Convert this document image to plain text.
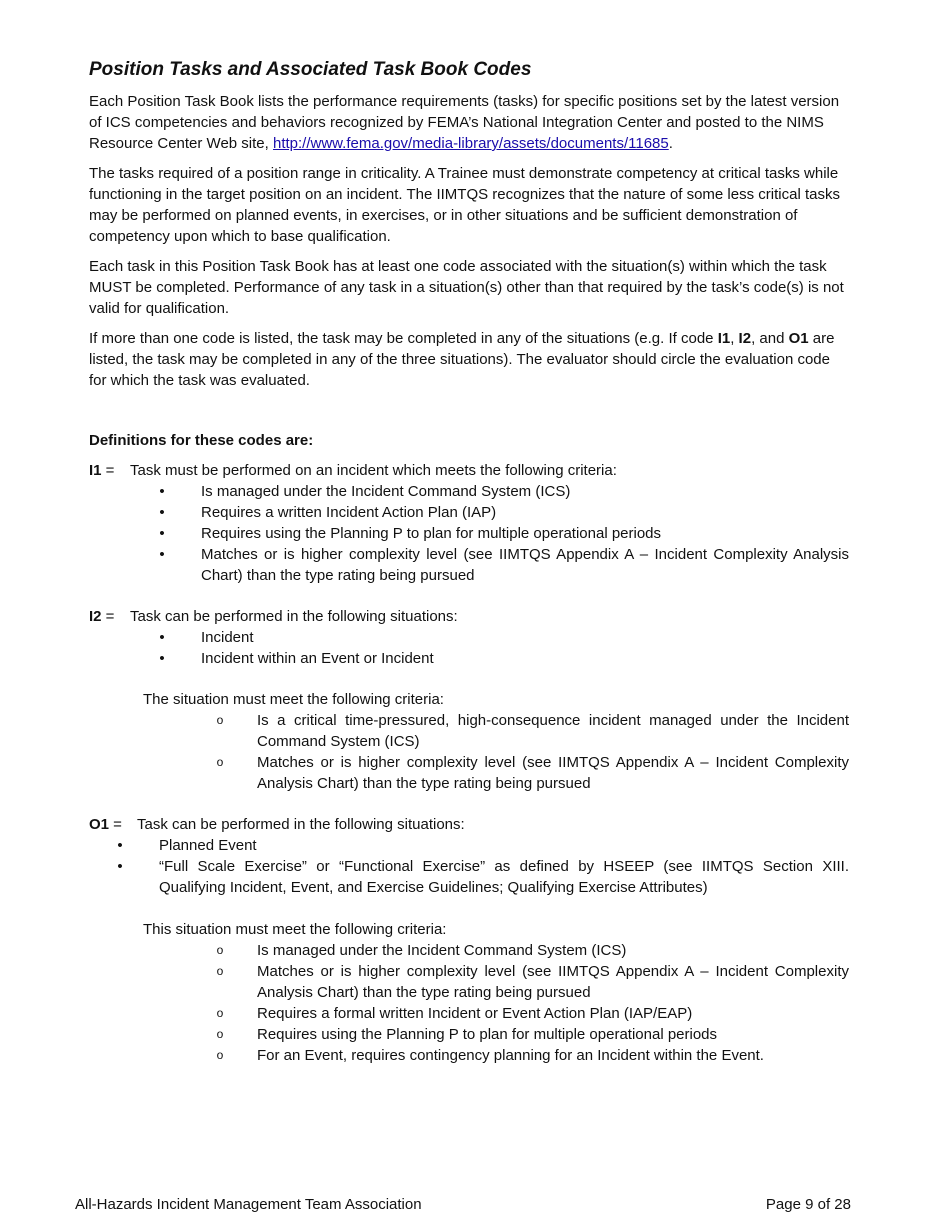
Position Tasks and Associated Task Book Codes
Each Position Task Book lists the performance requirements (tasks) for specific positions set by the latest version of ICS competencies and behaviors recognized by FEMA’s National Integration Center and posted to the NIMS Resource Center Web site, http://www.fema.gov/media-library/assets/documents/11685.
The tasks required of a position range in criticality. A Trainee must demonstrate competency at critical tasks while functioning in the target position on an incident. The IIMTQS recognizes that the nature of some less critical tasks may be performed on planned events, in exercises, or in other situations and be sufficient demonstration of competency upon which to base qualification.
Each task in this Position Task Book has at least one code associated with the situation(s) within which the task MUST be completed. Performance of any task in a situation(s) other than that required by the task’s code(s) is not valid for qualification.
If more than one code is listed, the task may be completed in any of the situations (e.g. If code I1, I2, and O1 are listed, the task may be completed in any of the three situations). The evaluator should circle the evaluation code for which the task was evaluated.
Definitions for these codes are:
I1 = Task must be performed on an incident which meets the following criteria:
• Is managed under the Incident Command System (ICS)
• Requires a written Incident Action Plan (IAP)
• Requires using the Planning P to plan for multiple operational periods
• Matches or is higher complexity level (see IIMTQS Appendix A – Incident Complexity Analysis Chart) than the type rating being pursued
I2 = Task can be performed in the following situations:
• Incident
• Incident within an Event or Incident
The situation must meet the following criteria:
o Is a critical time-pressured, high-consequence incident managed under the Incident Command System (ICS)
o Matches or is higher complexity level (see IIMTQS Appendix A – Incident Complexity Analysis Chart) than the type rating being pursued
O1 = Task can be performed in the following situations:
• Planned Event
• “Full Scale Exercise” or “Functional Exercise” as defined by HSEEP (see IIMTQS Section XIII. Qualifying Incident, Event, and Exercise Guidelines; Qualifying Exercise Attributes)
This situation must meet the following criteria:
o Is managed under the Incident Command System (ICS)
o Matches or is higher complexity level (see IIMTQS Appendix A – Incident Complexity Analysis Chart) than the type rating being pursued
o Requires a formal written Incident or Event Action Plan (IAP/EAP)
o Requires using the Planning P to plan for multiple operational periods
o For an Event, requires contingency planning for an Incident within the Event.
All-Hazards Incident Management Team Association	Page 9 of 28
